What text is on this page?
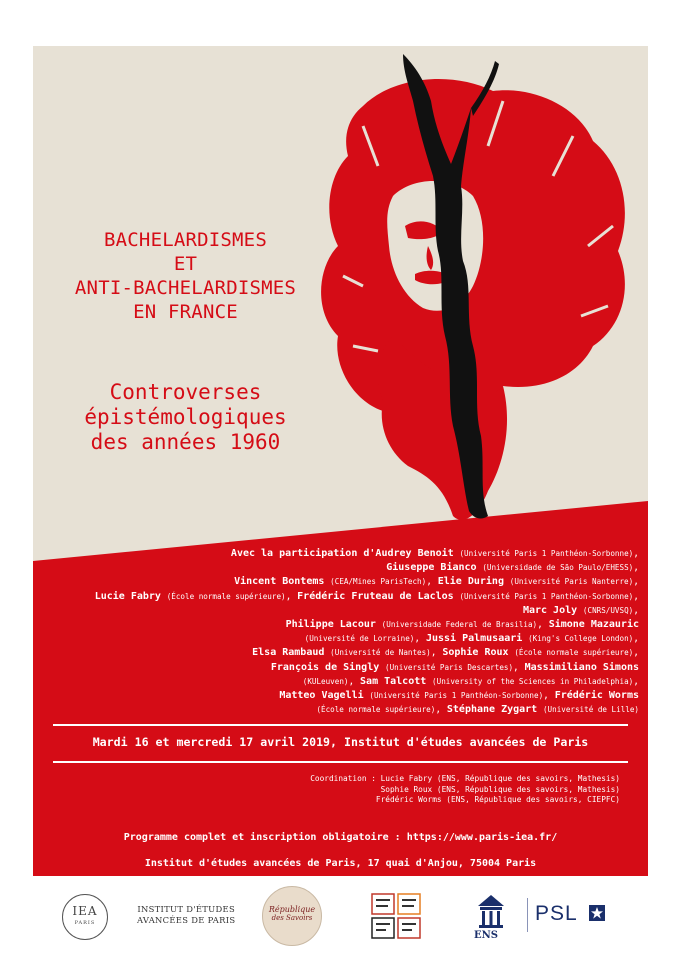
BACHELARDISMES
ET
ANTI-BACHELARDISMES
EN FRANCE
Controverses
épistémologiques
des années 1960
Avec la participation d'Audrey Benoit (Université Paris 1 Panthéon-Sorbonne),
Giuseppe Bianco (Universidade de São Paulo/EHESS),
Vincent Bontems (CEA/Mines ParisTech), Elie During (Université Paris Nanterre),
Lucie Fabry (École normale supérieure), Frédéric Fruteau de Laclos (Université Paris 1 Panthéon-Sorbonne),
Marc Joly (CNRS/UVSQ),
Philippe Lacour (Universidade Federal de Brasilia), Simone Mazauric
(Université de Lorraine), Jussi Palmusaari (King's College London),
Elsa Rambaud (Université de Nantes), Sophie Roux (École normale supérieure),
François de Singly (Université Paris Descartes), Massimiliano Simons
(KULeuven), Sam Talcott (University of the Sciences in Philadelphia),
Matteo Vagelli (Université Paris 1 Panthéon-Sorbonne), Frédéric Worms
(École normale supérieure), Stéphane Zygart (Université de Lille)
Mardi 16 et mercredi 17 avril 2019, Institut d'études avancées de Paris
Coordination : Lucie Fabry (ENS, République des savoirs, Mathesis)
Sophie Roux (ENS, République des savoirs, Mathesis)
Frédéric Worms (ENS, République des savoirs, CIEPFC)
Programme complet et inscription obligatoire : https://www.paris-iea.fr/
Institut d'études avancées de Paris, 17 quai d'Anjou, 75004 Paris
IEA
PARIS
INSTITUT D'ÉTUDES
AVANCÉES DE PARIS
République
des Savoirs
ENS
PSL
